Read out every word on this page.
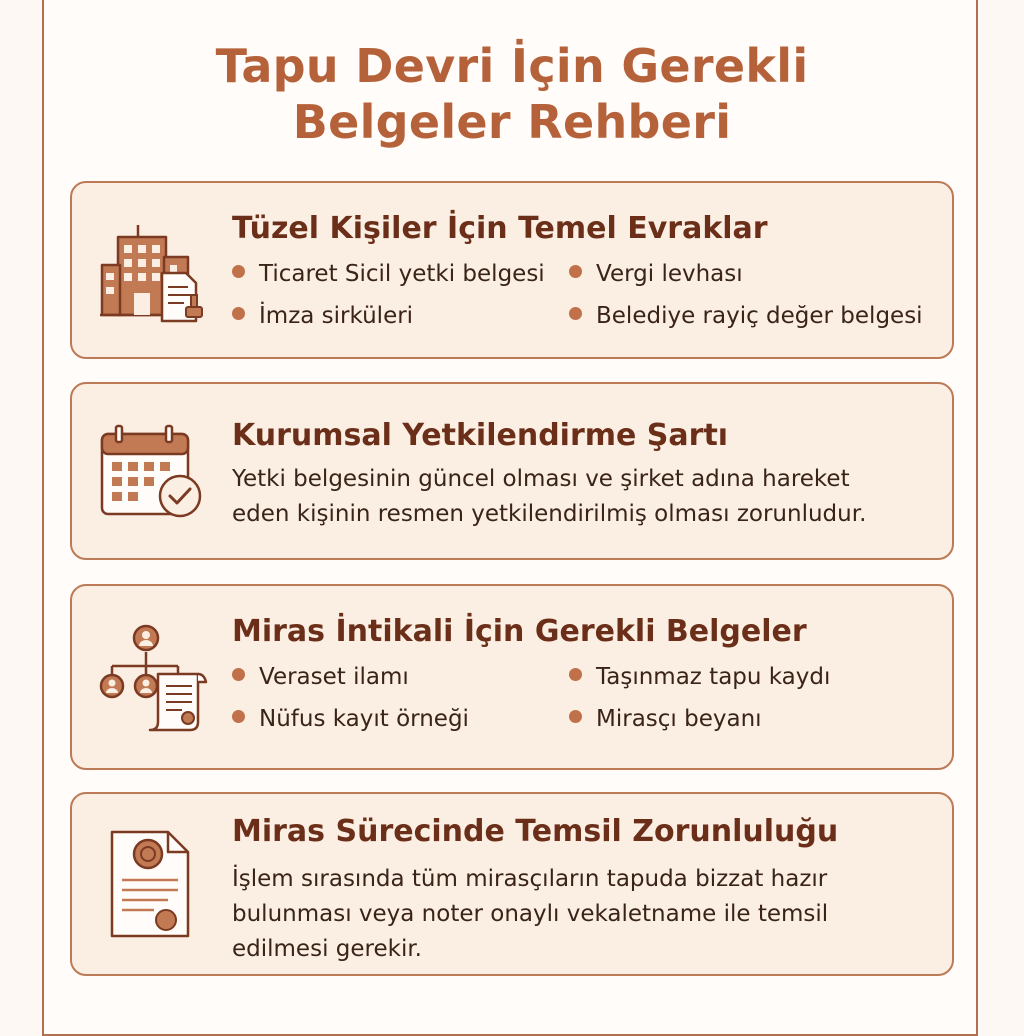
Tapu Devri İçin Gerekli
Belgeler Rehberi
Tüzel Kişiler İçin Temel Evraklar
Ticaret Sicil yetki belgesi	Vergi levhası
İmza sirküleri	Belediye rayiç değer belgesi
Kurumsal Yetkilendirme Şartı
Yetki belgesinin güncel olması ve şirket adına hareket
eden kişinin resmen yetkilendirilmiş olması zorunludur.
Miras İntikali İçin Gerekli Belgeler
Veraset ilamı	Taşınmaz tapu kaydı
Nüfus kayıt örneği	Mirasçı beyanı
Miras Sürecinde Temsil Zorunluluğu
İşlem sırasında tüm mirasçıların tapuda bizzat hazır
bulunması veya noter onaylı vekaletname ile temsil
edilmesi gerekir.
